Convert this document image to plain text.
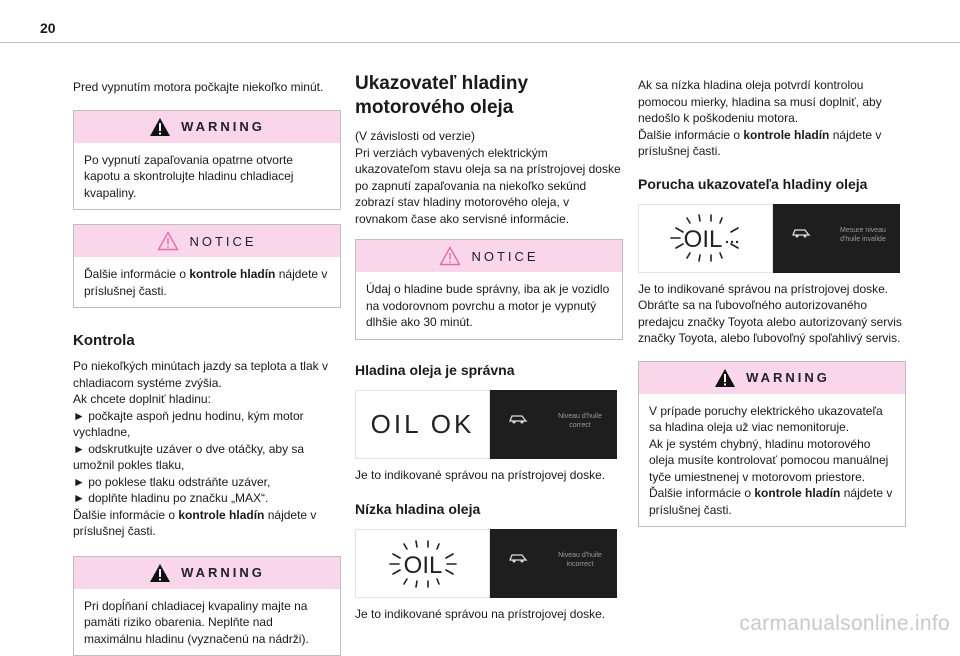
20

Pred vypnutím motora počkajte niekoľko minút.

WARNING
Po vypnutí zapaľovania opatrne otvorte kapotu a skontrolujte hladinu chladiacej kvapaliny.
NOTICE
Ďalšie informácie o kontrole hladín nájdete v príslušnej časti.
Kontrola

Po niekoľkých minútach jazdy sa teplota a tlak v chladiacom systéme zvýšia.

Ak chcete doplniť hladinu:

► počkajte aspoň jednu hodinu, kým motor vychladne,

► odskrutkujte uzáver o dve otáčky, aby sa umožnil pokles tlaku,

► po poklese tlaku odstráňte uzáver,

► doplňte hladinu po značku „MAX“.

Ďalšie informácie o kontrole hladín nájdete v príslušnej časti.

WARNING
Pri dopĺňaní chladiacej kvapaliny majte na pamäti riziko obarenia. Neplňte nad maximálnu hladinu (vyznačenú na nádrži).
Ukazovateľ hladiny motorového oleja

(V závislosti od verzie)
Pri verziách vybavených elektrickým ukazovateľom stavu oleja sa na prístrojovej doske po zapnutí zapaľovania na niekoľko sekúnd zobrazí stav hladiny motorového oleja, v rovnakom čase ako servisné informácie.

NOTICE
Údaj o hladine bude správny, iba ak je vozidlo na vodorovnom povrchu a motor je vypnutý dlhšie ako 30 minút.
Hladina oleja je správna
OIL OK	Niveau d'huile
correct

Je to indikované správou na prístrojovej doske.

Nízka hladina oleja
OIL	Niveau d'huile
incorrect

Je to indikované správou na prístrojovej doske.

Ak sa nízka hladina oleja potvrdí kontrolou pomocou mierky, hladina sa musí doplniť, aby nedošlo k poškodeniu motora.

Ďalšie informácie o kontrole hladín nájdete v príslušnej časti.

Porucha ukazovateľa hladiny oleja
OIL	Mesure niveau
d'huile invalide

Je to indikované správou na prístrojovej doske. Obráťte sa na ľubovoľného autorizovaného predajcu značky Toyota alebo autorizovaný servis značky Toyota, alebo ľubovoľný spoľahlivý servis.

WARNING
V prípade poruchy elektrického ukazovateľa sa hladina oleja už viac nemonitoruje.
Ak je systém chybný, hladinu motorového oleja musíte kontrolovať pomocou manuálnej tyče umiestnenej v motorovom priestore.
Ďalšie informácie o kontrole hladín nájdete v príslušnej časti.
carmanualsonline.info
